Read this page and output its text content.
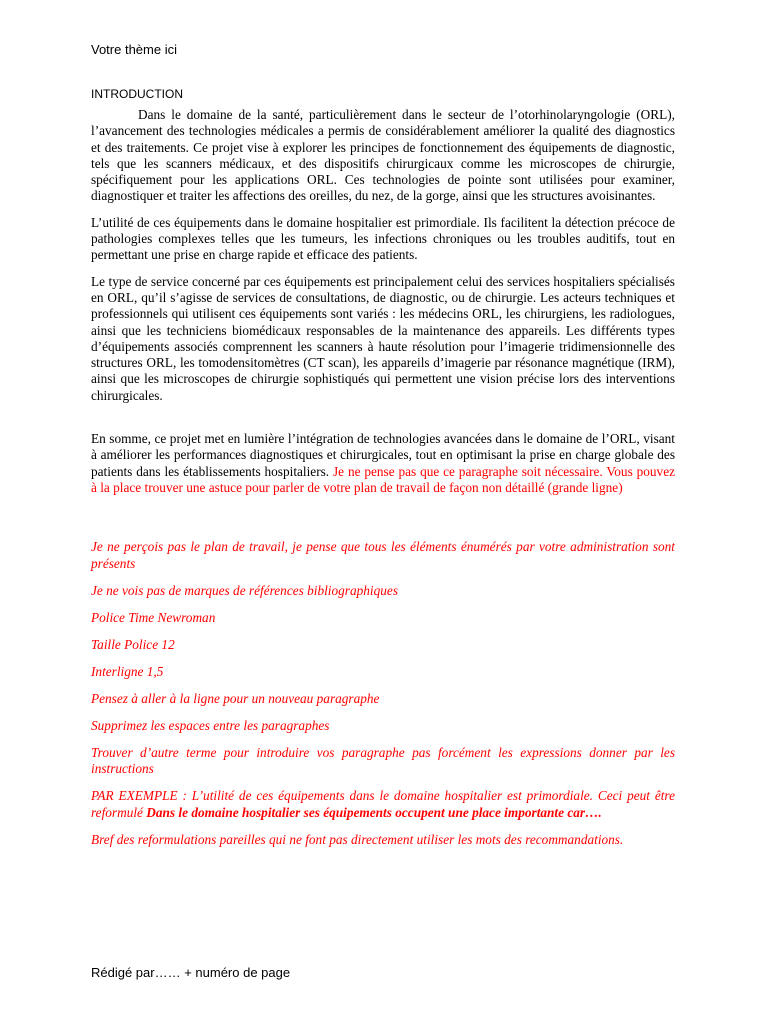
Votre thème ici
INTRODUCTION

Dans le domaine de la santé, particulièrement dans le secteur de l’otorhinolaryngologie (ORL), l’avancement des technologies médicales a permis de considérablement améliorer la qualité des diagnostics et des traitements. Ce projet vise à explorer les principes de fonctionnement des équipements de diagnostic, tels que les scanners médicaux, et des dispositifs chirurgicaux comme les microscopes de chirurgie, spécifiquement pour les applications ORL. Ces technologies de pointe sont utilisées pour examiner, diagnostiquer et traiter les affections des oreilles, du nez, de la gorge, ainsi que les structures avoisinantes.

L’utilité de ces équipements dans le domaine hospitalier est primordiale. Ils facilitent la détection précoce de pathologies complexes telles que les tumeurs, les infections chroniques ou les troubles auditifs, tout en permettant une prise en charge rapide et efficace des patients.

Le type de service concerné par ces équipements est principalement celui des services hospitaliers spécialisés en ORL, qu’il s’agisse de services de consultations, de diagnostic, ou de chirurgie. Les acteurs techniques et professionnels qui utilisent ces équipements sont variés : les médecins ORL, les chirurgiens, les radiologues, ainsi que les techniciens biomédicaux responsables de la maintenance des appareils. Les différents types d’équipements associés comprennent les scanners à haute résolution pour l’imagerie tridimensionnelle des structures ORL, les tomodensitomètres (CT scan), les appareils d’imagerie par résonance magnétique (IRM), ainsi que les microscopes de chirurgie sophistiqués qui permettent une vision précise lors des interventions chirurgicales.

En somme, ce projet met en lumière l’intégration de technologies avancées dans le domaine de l’ORL, visant à améliorer les performances diagnostiques et chirurgicales, tout en optimisant la prise en charge globale des patients dans les établissements hospitaliers. Je ne pense pas que ce paragraphe soit nécessaire. Vous pouvez à la place trouver une astuce pour parler de votre plan de travail de façon non détaillé (grande ligne)

Je ne perçois pas le plan de travail, je pense que tous les éléments énumérés par votre administration sont présents

Je ne vois pas de marques de références bibliographiques

Police Time Newroman

Taille Police 12

Interligne 1,5

Pensez à aller à la ligne pour un nouveau paragraphe

Supprimez les espaces entre les paragraphes

Trouver d’autre terme pour introduire vos paragraphe pas forcément les expressions donner par les instructions

PAR EXEMPLE : L’utilité de ces équipements dans le domaine hospitalier est primordiale. Ceci peut être reformulé Dans le domaine hospitalier ses équipements occupent une place importante car….

Bref des reformulations pareilles qui ne font pas directement utiliser les mots des recommandations.

Rédigé par…… + numéro de page
